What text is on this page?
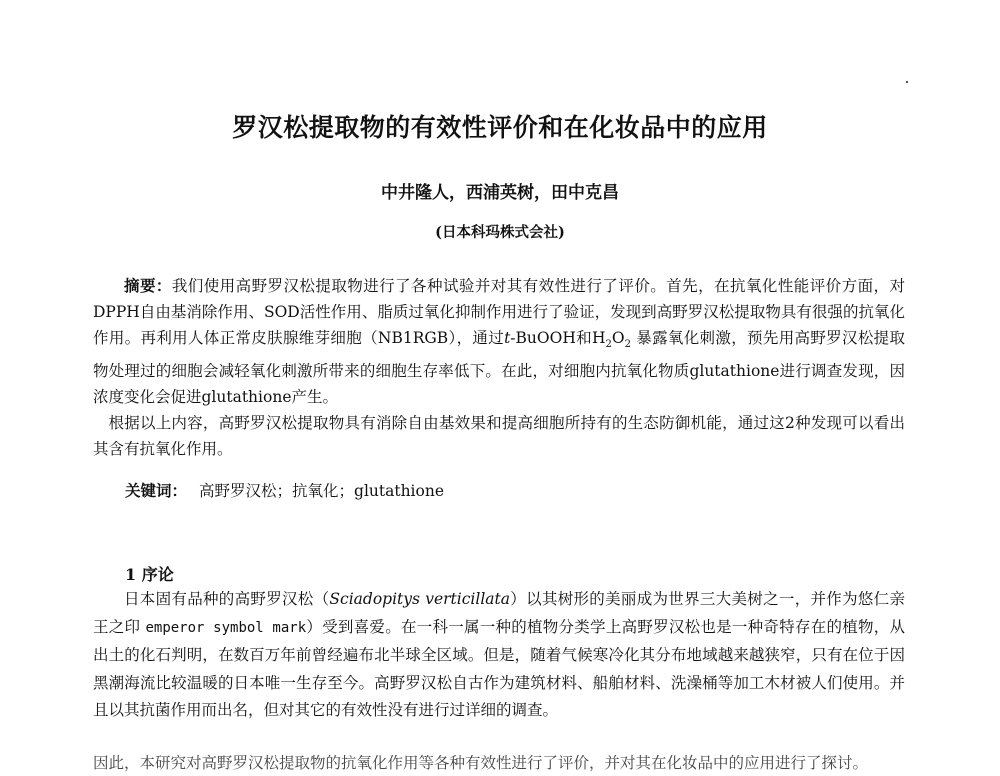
罗汉松提取物的有效性评价和在化妆品中的应用
中井隆人，西浦英树，田中克昌
(日本科玛株式会社)

摘要：我们使用高野罗汉松提取物进行了各种试验并对其有效性进行了评价。首先，在抗氧化性能评价方面，对DPPH自由基消除作用、SOD活性作用、脂质过氧化抑制作用进行了验证，发现到高野罗汉松提取物具有很强的抗氧化作用。再利用人体正常皮肤腺维芽细胞（NB1RGB），通过t-BuOOH和$H_2O_2$ 暴露氧化刺激，预先用高野罗汉松提取物处理过的细胞会减轻氧化刺激所带来的细胞生存率低下。在此，对细胞内抗氧化物质glutathione进行调查发现，因浓度变化会促进glutathione产生。

根据以上内容，高野罗汉松提取物具有消除自由基效果和提高细胞所持有的生态防御机能，通过这2种发现可以看出其含有抗氧化作用。

关键词： 高野罗汉松；抗氧化；glutathione
1 序论

日本固有品种的高野罗汉松（Sciadopitys verticillata）以其树形的美丽成为世界三大美树之一，并作为悠仁亲王之印 emperor symbol mark）受到喜爱。在一科一属一种的植物分类学上高野罗汉松也是一种奇特存在的植物，从出土的化石判明，在数百万年前曾经遍布北半球全区域。但是，随着气候寒冷化其分布地域越来越狭窄，只有在位于因黑潮海流比较温暖的日本唯一生存至今。高野罗汉松自古作为建筑材料、船舶材料、洗澡桶等加工木材被人们使用。并且以其抗菌作用而出名，但对其它的有效性没有进行过详细的调查。

因此，本研究对高野罗汉松提取物的抗氧化作用等各种有效性进行了评价，并对其在化妆品中的应用进行了探讨。
